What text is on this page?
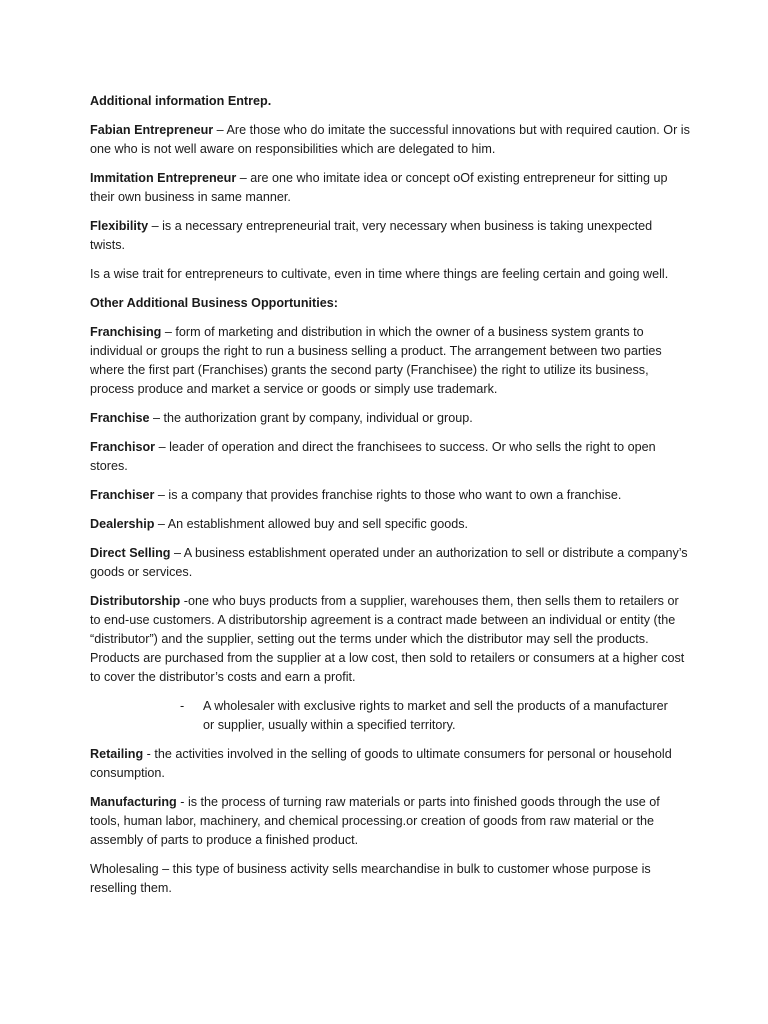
Additional information Entrep.

Fabian Entrepreneur – Are those who do imitate the successful innovations but with required caution. Or is one who is not well aware on responsibilities which are delegated to him.

Immitation Entrepreneur – are one who imitate idea or concept oOf existing entrepreneur for sitting up their own business in same manner.

Flexibility – is a necessary entrepreneurial trait, very necessary when business is taking unexpected twists.

Is a wise trait for entrepreneurs to cultivate, even in time where things are feeling certain and going well.

Other Additional Business Opportunities:

Franchising – form of marketing and distribution in which the owner of a business system grants to individual or groups the right to run a business selling a product. The arrangement between two parties where the first part (Franchises) grants the second party (Franchisee) the right to utilize its business, process produce and market a service or goods or simply use trademark.

Franchise – the authorization grant by company, individual or group.

Franchisor – leader of operation and direct the franchisees to success. Or who sells the right to open stores.

Franchiser – is a company that provides franchise rights to those who want to own a franchise.

Dealership – An establishment allowed buy and sell specific goods.

Direct Selling – A business establishment operated under an authorization to sell or distribute a company’s goods or services.

Distributorship -one who buys products from a supplier, warehouses them, then sells them to retailers or to end-use customers. A distributorship agreement is a contract made between an individual or entity (the “distributor”) and the supplier, setting out the terms under which the distributor may sell the products. Products are purchased from the supplier at a low cost, then sold to retailers or consumers at a higher cost to cover the distributor’s costs and earn a profit.

-	A wholesaler with exclusive rights to market and sell the products of a manufacturer or supplier, usually within a specified territory.

Retailing - the activities involved in the selling of goods to ultimate consumers for personal or household consumption.

Manufacturing - is the process of turning raw materials or parts into finished goods through the use of tools, human labor, machinery, and chemical processing.or creation of goods from raw material or the assembly of parts to produce a finished product.

Wholesaling – this type of business activity sells mearchandise in bulk to customer whose purpose is reselling them.
